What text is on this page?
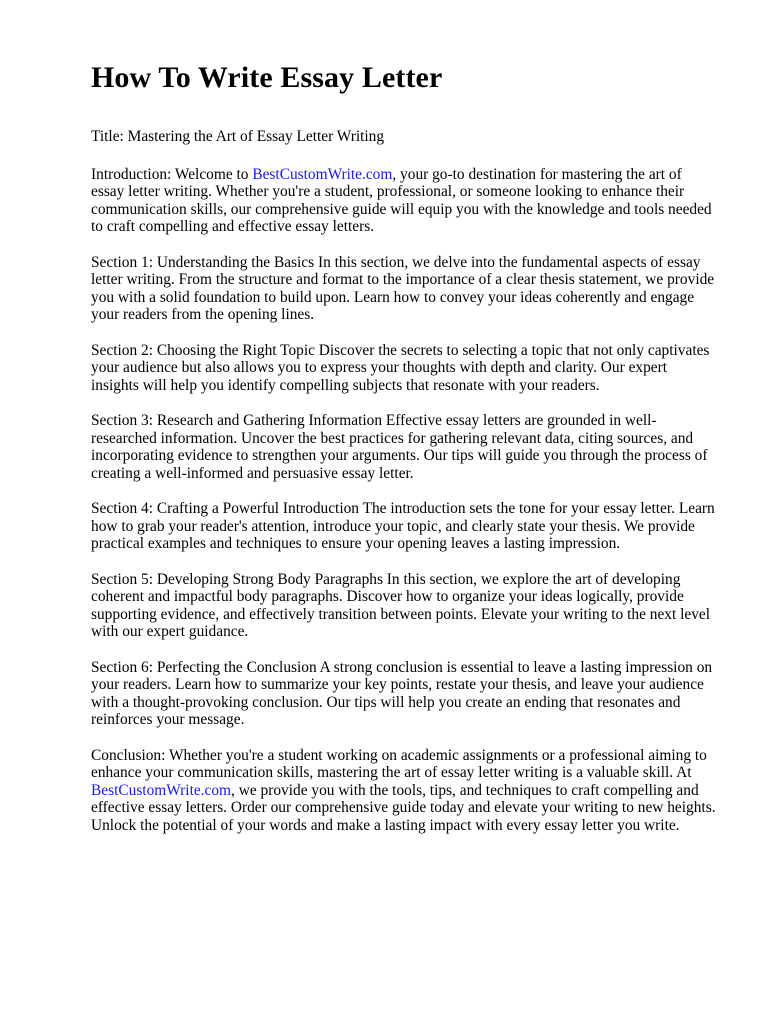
How To Write Essay Letter

Title: Mastering the Art of Essay Letter Writing

Introduction: Welcome to BestCustomWrite.com, your go-to destination for mastering the art of essay letter writing. Whether you're a student, professional, or someone looking to enhance their communication skills, our comprehensive guide will equip you with the knowledge and tools needed to craft compelling and effective essay letters.

Section 1: Understanding the Basics In this section, we delve into the fundamental aspects of essay letter writing. From the structure and format to the importance of a clear thesis statement, we provide you with a solid foundation to build upon. Learn how to convey your ideas coherently and engage your readers from the opening lines.

Section 2: Choosing the Right Topic Discover the secrets to selecting a topic that not only captivates your audience but also allows you to express your thoughts with depth and clarity. Our expert insights will help you identify compelling subjects that resonate with your readers.

Section 3: Research and Gathering Information Effective essay letters are grounded in well-researched information. Uncover the best practices for gathering relevant data, citing sources, and incorporating evidence to strengthen your arguments. Our tips will guide you through the process of creating a well-informed and persuasive essay letter.

Section 4: Crafting a Powerful Introduction The introduction sets the tone for your essay letter. Learn how to grab your reader's attention, introduce your topic, and clearly state your thesis. We provide practical examples and techniques to ensure your opening leaves a lasting impression.

Section 5: Developing Strong Body Paragraphs In this section, we explore the art of developing coherent and impactful body paragraphs. Discover how to organize your ideas logically, provide supporting evidence, and effectively transition between points. Elevate your writing to the next level with our expert guidance.

Section 6: Perfecting the Conclusion A strong conclusion is essential to leave a lasting impression on your readers. Learn how to summarize your key points, restate your thesis, and leave your audience with a thought-provoking conclusion. Our tips will help you create an ending that resonates and reinforces your message.

Conclusion: Whether you're a student working on academic assignments or a professional aiming to enhance your communication skills, mastering the art of essay letter writing is a valuable skill. At BestCustomWrite.com, we provide you with the tools, tips, and techniques to craft compelling and effective essay letters. Order our comprehensive guide today and elevate your writing to new heights. Unlock the potential of your words and make a lasting impact with every essay letter you write.
